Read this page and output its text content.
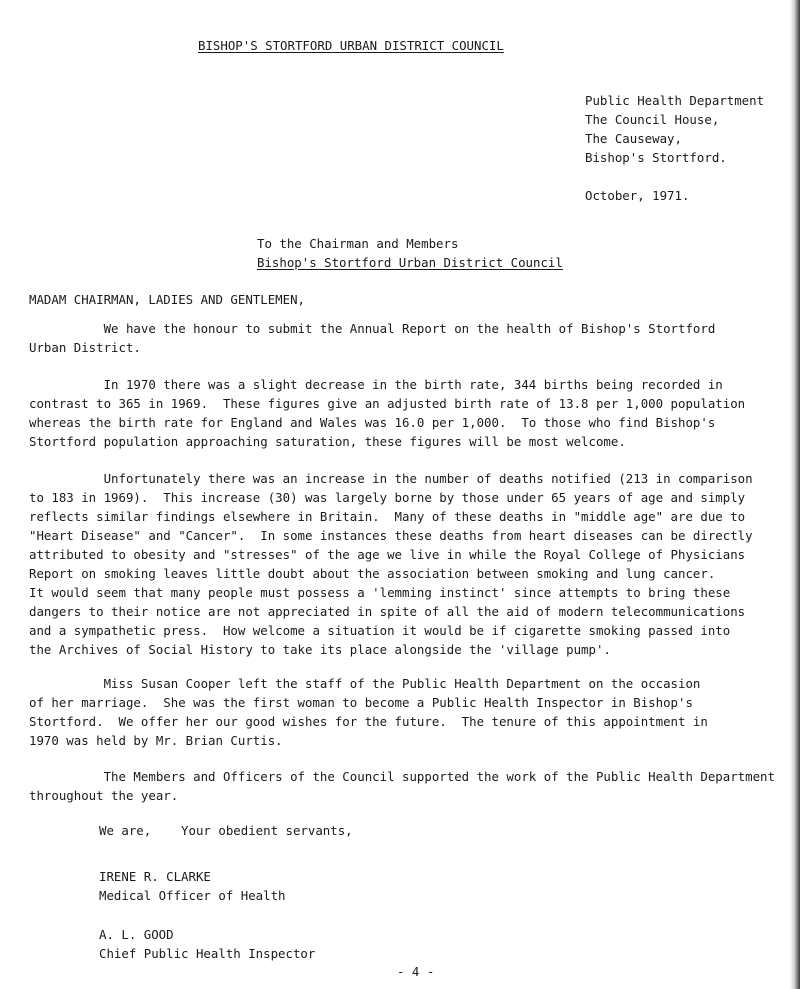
BISHOP'S STORTFORD URBAN DISTRICT COUNCIL
Public Health Department
The Council House,
The Causeway,
Bishop's Stortford.
October, 1971.
To the Chairman and Members
Bishop's Stortford Urban District Council
MADAM CHAIRMAN, LADIES AND GENTLEMEN,
We have the honour to submit the Annual Report on the health of Bishop's Stortford
Urban District.
In 1970 there was a slight decrease in the birth rate, 344 births being recorded in
contrast to 365 in 1969.  These figures give an adjusted birth rate of 13.8 per 1,000 population
whereas the birth rate for England and Wales was 16.0 per 1,000.  To those who find Bishop's
Stortford population approaching saturation, these figures will be most welcome.
Unfortunately there was an increase in the number of deaths notified (213 in comparison
to 183 in 1969).  This increase (30) was largely borne by those under 65 years of age and simply
reflects similar findings elsewhere in Britain.  Many of these deaths in "middle age" are due to
"Heart Disease" and "Cancer".  In some instances these deaths from heart diseases can be directly
attributed to obesity and "stresses" of the age we live in while the Royal College of Physicians
Report on smoking leaves little doubt about the association between smoking and lung cancer.
It would seem that many people must possess a 'lemming instinct' since attempts to bring these
dangers to their notice are not appreciated in spite of all the aid of modern telecommunications
and a sympathetic press.  How welcome a situation it would be if cigarette smoking passed into
the Archives of Social History to take its place alongside the 'village pump'.
Miss Susan Cooper left the staff of the Public Health Department on the occasion
of her marriage.  She was the first woman to become a Public Health Inspector in Bishop's
Stortford.  We offer her our good wishes for the future.  The tenure of this appointment in
1970 was held by Mr. Brian Curtis.
The Members and Officers of the Council supported the work of the Public Health Department
throughout the year.
We are,    Your obedient servants,
IRENE R. CLARKE
Medical Officer of Health
A. L. GOOD
Chief Public Health Inspector
- 4 -
